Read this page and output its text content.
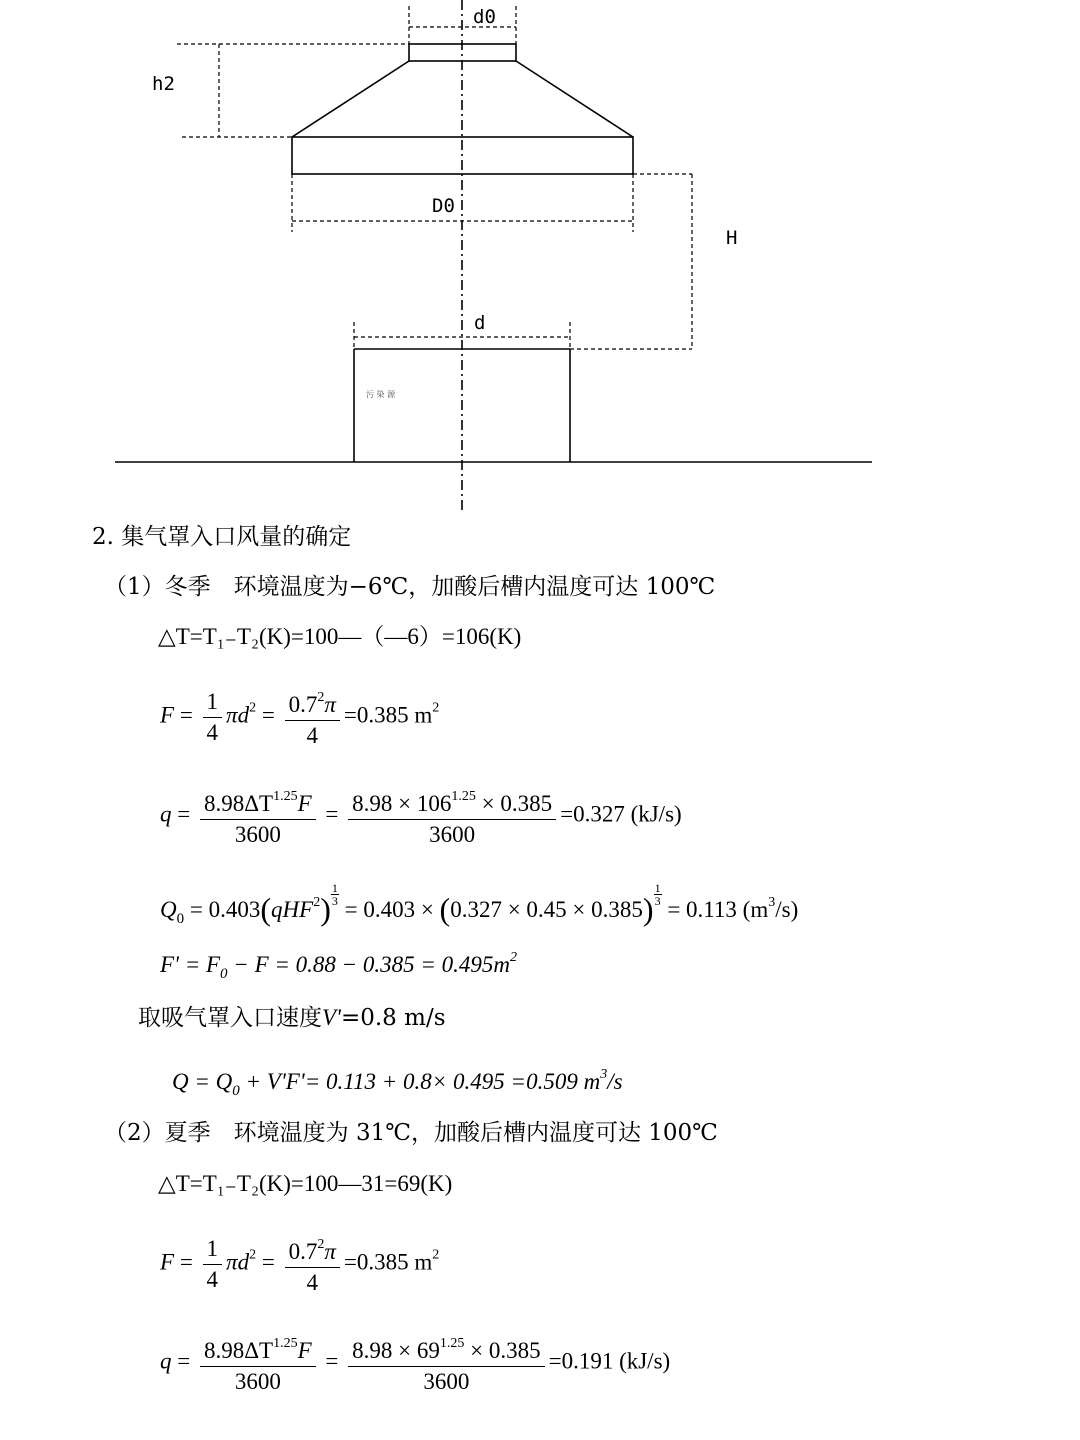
d0
h2
D0
H
d
污 染 源
2. 集气罩入口风量的确定
（1）冬季　环境温度为−6℃，加酸后槽内温度可达 100℃
△T=T₁₋T₂(K)=100—（—6）=106(K)
$F = \frac{1}{4} \pi d^2 = \frac{0.7^2\pi}{4} =0.385$ $m^2$
$q = \frac{8.98\Delta T^{1.25}F}{3600} = \frac{8.98 \times 106^{1.25} \times 0.385}{3600} =0.327$ (kJ/s)
$Q_0 = 0.403(qHF^2) \frac{1}{3}$
= $0.403 \times (0.327 \times 0.45 \times 0.385) \frac{1}{3}$
= 0.113 $(m^3/s)$
$F' = F_0 - F = 0.88 - 0.385 = 0.495m^2$
取吸气罩入口速度V'=0.8 m/s
$Q = Q_0 + V'F'= 0.113 + 0.8\times 0.495 =0.509$ $m^3/s$
（2）夏季　环境温度为 31℃，加酸后槽内温度可达 100℃
△T=T₁₋T₂(K)=100—31=69(K)
$F = \frac{1}{4} \pi d^2 = \frac{0.7^2\pi}{4} =0.385$ $m^2$
$q = \frac{8.98\Delta T^{1.25}F}{3600} = \frac{8.98 \times 69^{1.25} \times 0.385}{3600} =0.191$ (kJ/s)
